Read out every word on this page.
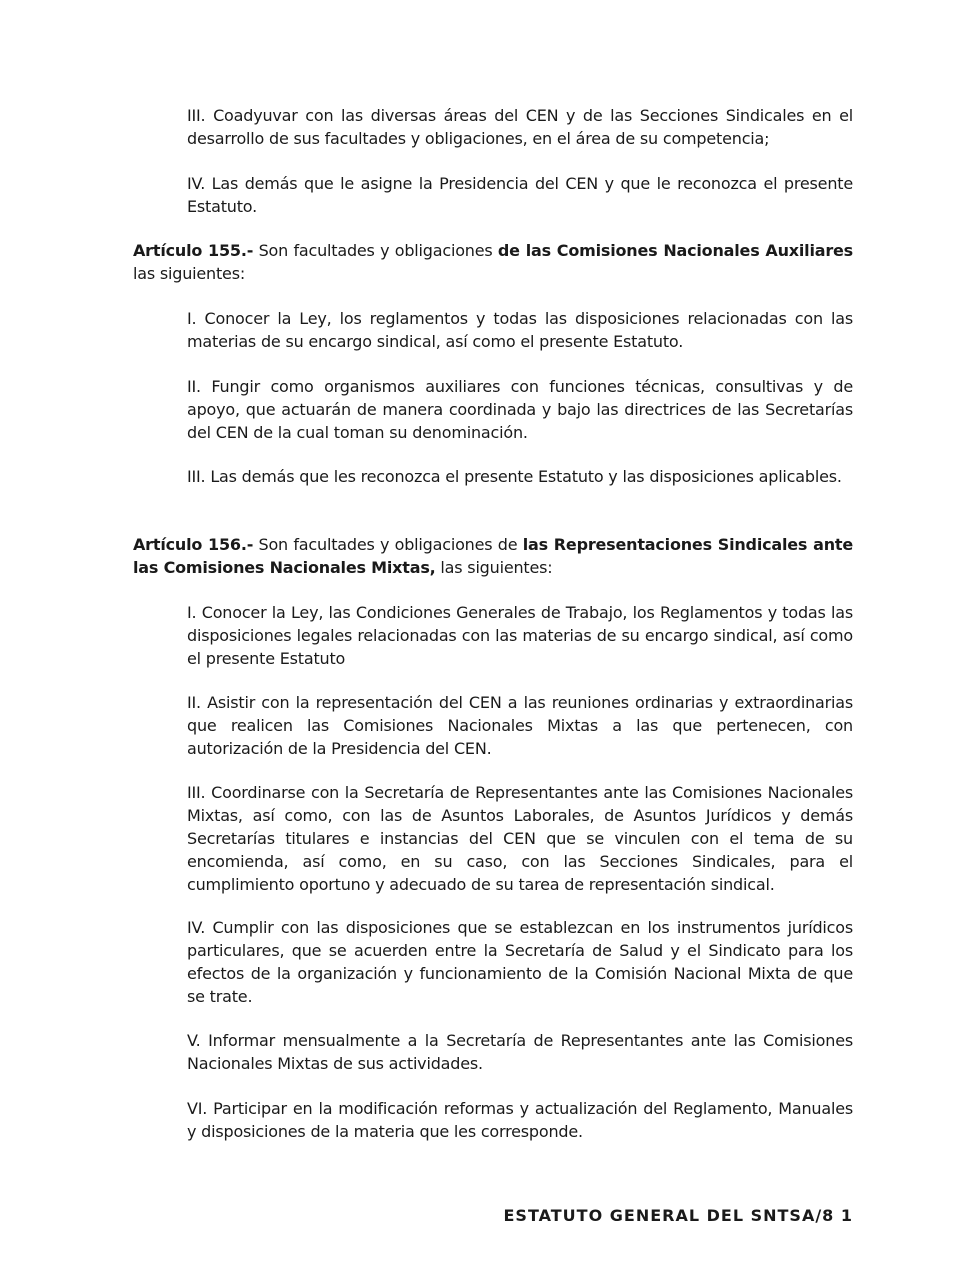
III. Coadyuvar con las diversas áreas del CEN y de las Secciones Sindicales en el desarrollo de sus facultades y obligaciones, en el área de su competencia;

IV. Las demás que le asigne la Presidencia del CEN y que le reconozca el presente Estatuto.

Artículo 155.- Son facultades y obligaciones de las Comisiones Nacionales Auxiliares las siguientes:

I. Conocer la Ley, los reglamentos y todas las disposiciones relacionadas con las materias de su encargo sindical, así como el presente Estatuto.

II. Fungir como organismos auxiliares con funciones técnicas, consultivas y de apoyo, que actuarán de manera coordinada y bajo las directrices de las Secretarías del CEN de la cual toman su denominación.

III. Las demás que les reconozca el presente Estatuto y las disposiciones aplicables.

Artículo 156.- Son facultades y obligaciones de las Representaciones Sindicales ante las Comisiones Nacionales Mixtas, las siguientes:

I. Conocer la Ley, las Condiciones Generales de Trabajo, los Reglamentos y todas las disposiciones legales relacionadas con las materias de su encargo sindical, así como el presente Estatuto

II. Asistir con la representación del CEN a las reuniones ordinarias y extraordinarias que realicen las Comisiones Nacionales Mixtas a las que pertenecen, con autorización de la Presidencia del CEN.

III. Coordinarse con la Secretaría de Representantes ante las Comisiones Nacionales Mixtas, así como, con las de Asuntos Laborales, de Asuntos Jurídicos y demás Secretarías titulares e instancias del CEN que se vinculen con el tema de su encomienda, así como, en su caso, con las Secciones Sindicales, para el cumplimiento oportuno y adecuado de su tarea de representación sindical.

IV. Cumplir con las disposiciones que se establezcan en los instrumentos jurídicos particulares, que se acuerden entre la Secretaría de Salud y el Sindicato para los efectos de la organización y funcionamiento de la Comisión Nacional Mixta de que se trate.

V. Informar mensualmente a la Secretaría de Representantes ante las Comisiones Nacionales Mixtas de sus actividades.

VI. Participar en la modificación reformas y actualización del Reglamento, Manuales y disposiciones de la materia que les corresponde.

ESTATUTO GENERAL DEL SNTSA/8 1
